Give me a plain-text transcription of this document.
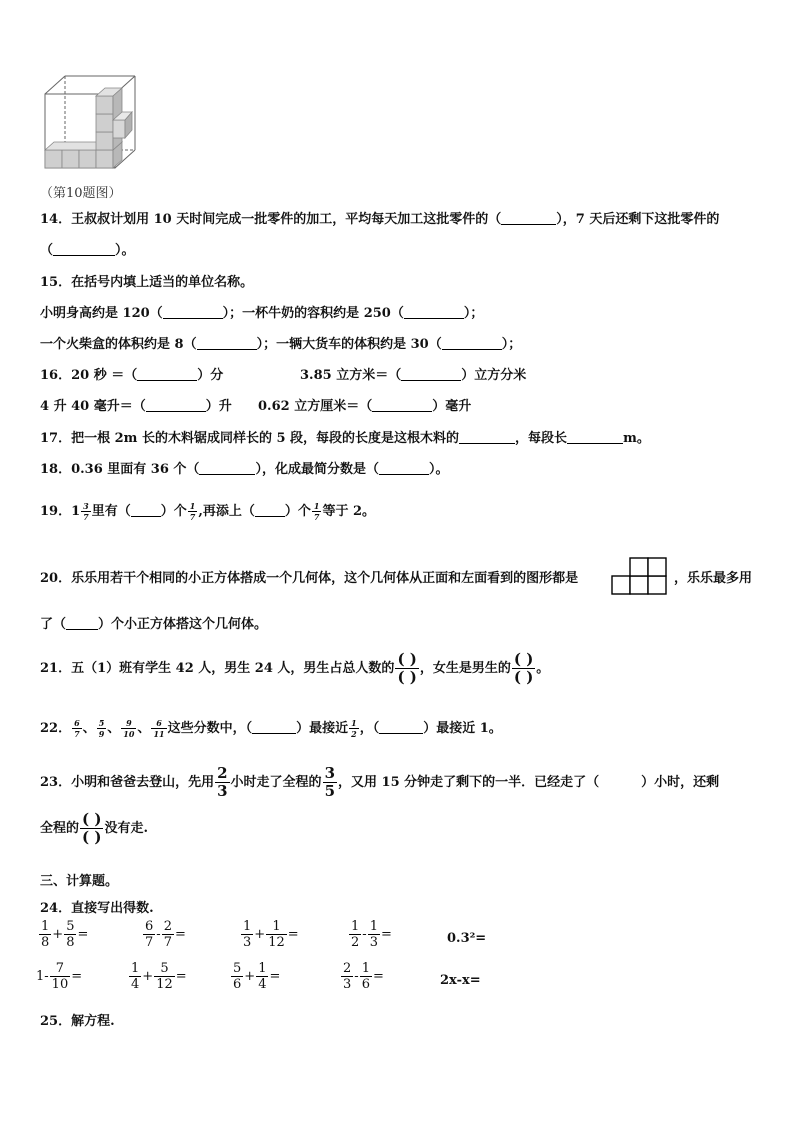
（第10题图）
14．王叔叔计划用 10 天时间完成一批零件的加工，平均每天加工这批零件的（	），7 天后还剩下这批零件的
（	）。
15．在括号内填上适当的单位名称。
小明身高约是 120（	）；一杯牛奶的容积约是 250（	）；
一个火柴盒的体积约是 8（	）；一辆大货车的体积约是 30（	）；
16．20 秒 ＝（	）分	3.85 立方米＝（	）立方分米
4 升 40 毫升＝（	）升 0.62 立方厘米＝（	）毫升
17．把一根 2m 长的木料锯成同样长的 5 段，每段的长度是这根木料的	，每段长	m。
18．0.36 里面有 36 个（	），化成最简分数是（	）。
19．$1 \frac{3}{7}$ 里有（ ）个 $\frac{1}{7}$ ,再添上（ ）个 $\frac{1}{7}$ 等于 2。
20．乐乐用若干个相同的小正方体搭成一个几何体，这个几何体从正面和左面看到的图形都是	，乐乐最多用
了（ ）个小正方体搭这个几何体。
21．五（1）班有学生 42 人，男生 24 人，男生占总人数的 $\frac{( )}{( )}$ ，女生是男生的 $\frac{( )}{( )}$ 。
22． $\frac{6}{7}$ 、 $\frac{5}{9}$ 、 $\frac{9}{10}$ 、 $\frac{6}{11}$ 这些分数中，（	）最接近 $\frac{1}{2}$ ，（	）最接近 1。
23．小明和爸爸去登山，先用 $\frac{2}{3}$ 小时走了全程的 $\frac{3}{5}$ ，又用 15 分钟走了剩下的一半．已经走了（	）小时，还剩
全程的 $\frac{( )}{( )}$ 没有走.
三、计算题。
24．直接写出得数.
$\frac{1}{8} + \frac{5}{8}$ =	$\frac{6}{7} - \frac{2}{7}$ =	$\frac{1}{3} + \frac{1}{12}$ =	$\frac{1}{2} - \frac{1}{3}$ =	0.3²=
$1- \frac{7}{10}$ =	$\frac{1}{4} + \frac{5}{12}$ =	$\frac{5}{6} + \frac{1}{4}$ =	$\frac{2}{3} - \frac{1}{6}$ =	2x-x=
25．解方程.
